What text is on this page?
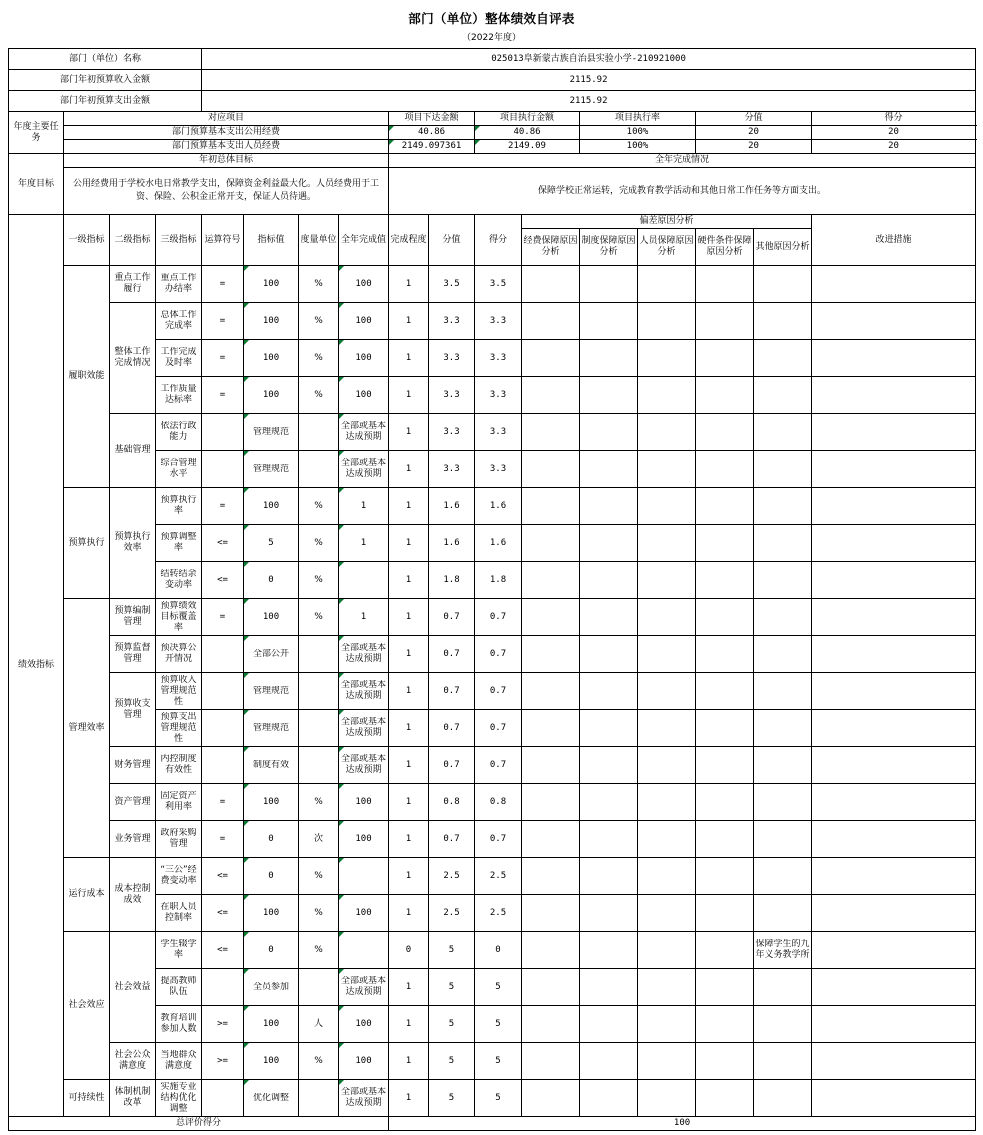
部门（单位）整体绩效自评表
（2022年度）
部门（单位）名称				025013阜新蒙古族自治县实验小学-210921000												
部门年初预算收入金额				2115.92												
部门年初预算支出金额				2115.92												
年度主要任务	对应项目							项目下达金额		项目执行金额		项目执行率		分值		得分
	部门预算基本支出公用经费							40.86		40.86		100%		20		20
	部门预算基本支出人员经费							2149.097361		2149.09		100%		20		20
年度目标	年初总体目标							全年完成情况								
	公用经费用于学校水电日常教学支出，保障资金利益最大化。人员经费用于工资、保险、公积金正常开支，保证人员待遇。							保障学校正常运转，完成教育教学活动和其他日常工作任务等方面支出。								
绩效指标	一级指标	二级指标	三级指标	运算符号	指标值	度量单位	全年完成值	完成程度	分值	得分	偏差原因分析					改进措施
											经费保障原因分析	制度保障原因分析	人员保障原因分析	硬件条件保障原因分析	其他原因分析	
	履职效能	重点工作履行	重点工作办结率	=	100	%	100	1	3.5	3.5	

		整体工作完成情况	总体工作完成率	=	100	%	100	1	3.3	3.3	

			工作完成及时率	=	100	%	100	1	3.3	3.3	

			工作质量达标率	=	100	%	100	1	3.3	3.3	

		基础管理	依法行政能力		管理规范		全部或基本达成预期	1	3.3	3.3	

			综合管理水平		管理规范		全部或基本达成预期	1	3.3	3.3	

	预算执行	预算执行效率	预算执行率	=	100	%	1	1	1.6	1.6	

			预算调整率	<=	5	%	1	1	1.6	1.6	

			结转结余变动率	<=	0	%		1	1.8	1.8	

	管理效率	预算编制管理	预算绩效目标覆盖率	=	100	%	1	1	0.7	0.7	

		预算监督管理	预决算公开情况		全部公开		全部或基本达成预期	1	0.7	0.7	

		预算收支管理	预算收入管理规范性		管理规范		全部或基本达成预期	1	0.7	0.7	

			预算支出管理规范性		管理规范		全部或基本达成预期	1	0.7	0.7	

		财务管理	内控制度有效性		制度有效		全部或基本达成预期	1	0.7	0.7	

		资产管理	固定资产利用率	=	100	%	100	1	0.8	0.8	

		业务管理	政府采购管理	=	0	次	100	1	0.7	0.7	

	运行成本	成本控制成效	“三公”经费变动率	<=	0	%		1	2.5	2.5	

			在职人员控制率	<=	100	%	100	1	2.5	2.5	

	社会效应	社会效益	学生辍学率	<=	0	%		0	5	0					保障学生的九年义务教学所	

			提高教师队伍		全员参加		全部或基本达成预期	1	5	5	

			教育培训参加人数	>=	100	人	100	1	5	5	

		社会公众满意度	当地群众满意度	>=	100	%	100	1	5	5	

	可持续性	体制机制改革	实施专业结构优化调整		优化调整		全部或基本达成预期	1	5	5	

总评价得分								100								
